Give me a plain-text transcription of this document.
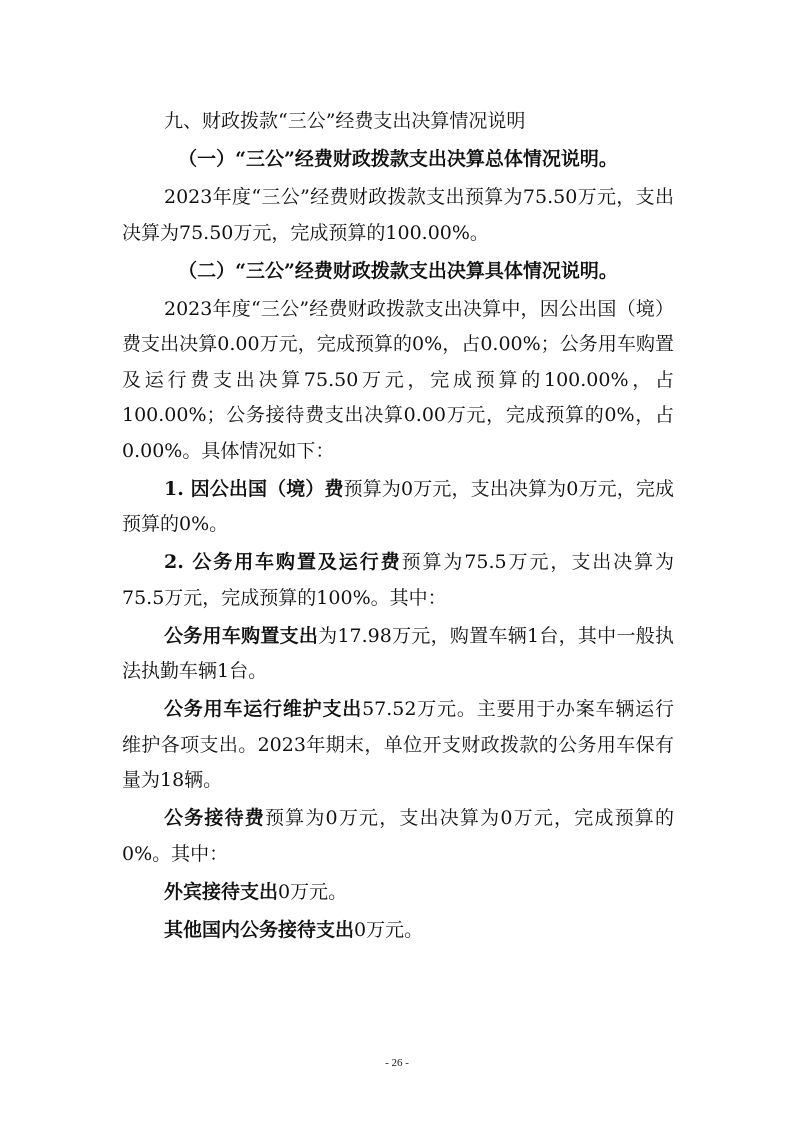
九、财政拨款“三公”经费支出决算情况说明

（一）“三公”经费财政拨款支出决算总体情况说明。

2023年度“三公”经费财政拨款支出预算为75.50万元，支出决算为75.50万元，完成预算的100.00%。

（二）“三公”经费财政拨款支出决算具体情况说明。

2023年度“三公”经费财政拨款支出决算中，因公出国（境）费支出决算0.00万元，完成预算的0%，占0.00%；公务用车购置及运行费支出决算75.50万元，完成预算的100.00%，占100.00%；公务接待费支出决算0.00万元，完成预算的0%，占0.00%。具体情况如下：

1. 因公出国（境）费预算为0万元，支出决算为0万元，完成预算的0%。

2. 公务用车购置及运行费预算为75.5万元，支出决算为75.5万元，完成预算的100%。其中：

公务用车购置支出为17.98万元，购置车辆1台，其中一般执法执勤车辆1台。

公务用车运行维护支出57.52万元。主要用于办案车辆运行维护各项支出。2023年期末，单位开支财政拨款的公务用车保有量为18辆。

公务接待费预算为0万元，支出决算为0万元，完成预算的0%。其中：

外宾接待支出0万元。

其他国内公务接待支出0万元。

- 26 -
